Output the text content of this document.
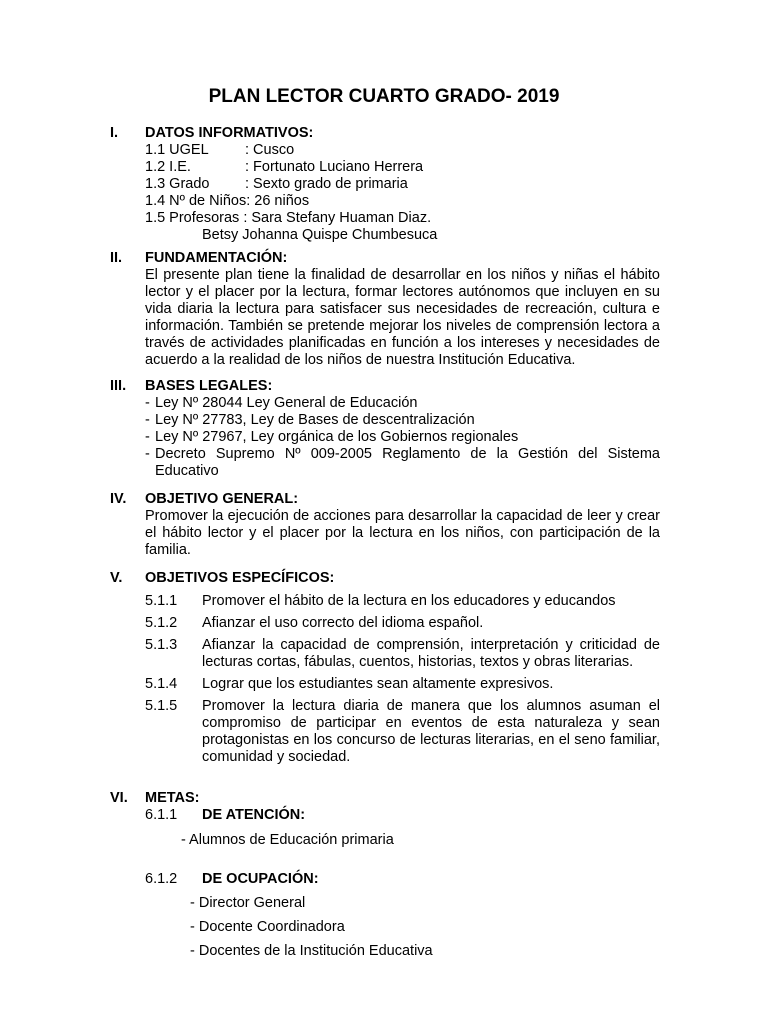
PLAN LECTOR CUARTO GRADO- 2019
I. DATOS INFORMATIVOS:
1.1 UGEL	: Cusco
1.2 I.E.	: Fortunato Luciano Herrera
1.3 Grado	: Sexto grado de primaria
1.4 Nº de Niños : 26 niños
1.5 Profesoras : Sara Stefany Huaman Diaz.
Betsy Johanna Quispe Chumbesuca
II. FUNDAMENTACIÓN:
El presente plan tiene la finalidad de desarrollar en los niños y niñas el hábito lector y el placer por la lectura, formar lectores autónomos que incluyen en su vida diaria la lectura para satisfacer sus necesidades de recreación, cultura e información. También se pretende mejorar los niveles de comprensión lectora a través de actividades planificadas en función a los intereses y necesidades de acuerdo a la realidad de los niños de nuestra Institución Educativa.
III. BASES LEGALES:
- Ley Nº 28044 Ley General de Educación
- Ley Nº 27783, Ley de Bases de descentralización
- Ley Nº 27967, Ley orgánica de los Gobiernos regionales
- Decreto Supremo Nº 009-2005 Reglamento de la Gestión del Sistema Educativo
IV. OBJETIVO GENERAL:
Promover la ejecución de acciones para desarrollar la capacidad de leer y crear el hábito lector y el placer por la lectura en los niños, con participación de la familia.
V. OBJETIVOS ESPECÍFICOS:
5.1.1	Promover el hábito de la lectura en los educadores y educandos
5.1.2	Afianzar el uso correcto del idioma español.
5.1.3	Afianzar la capacidad de comprensión, interpretación y criticidad de lecturas cortas, fábulas, cuentos, historias, textos y obras literarias.
5.1.4	Lograr que los estudiantes sean altamente expresivos.
5.1.5	Promover la lectura diaria de manera que los alumnos asuman el compromiso de participar en eventos de esta naturaleza y sean protagonistas en los concurso de lecturas literarias, en el seno familiar, comunidad y sociedad.
VI. METAS:
6.1.1	DE ATENCIÓN:
- Alumnos de Educación primaria
6.1.2	DE OCUPACIÓN:
- Director General
- Docente Coordinadora
- Docentes de la Institución Educativa
